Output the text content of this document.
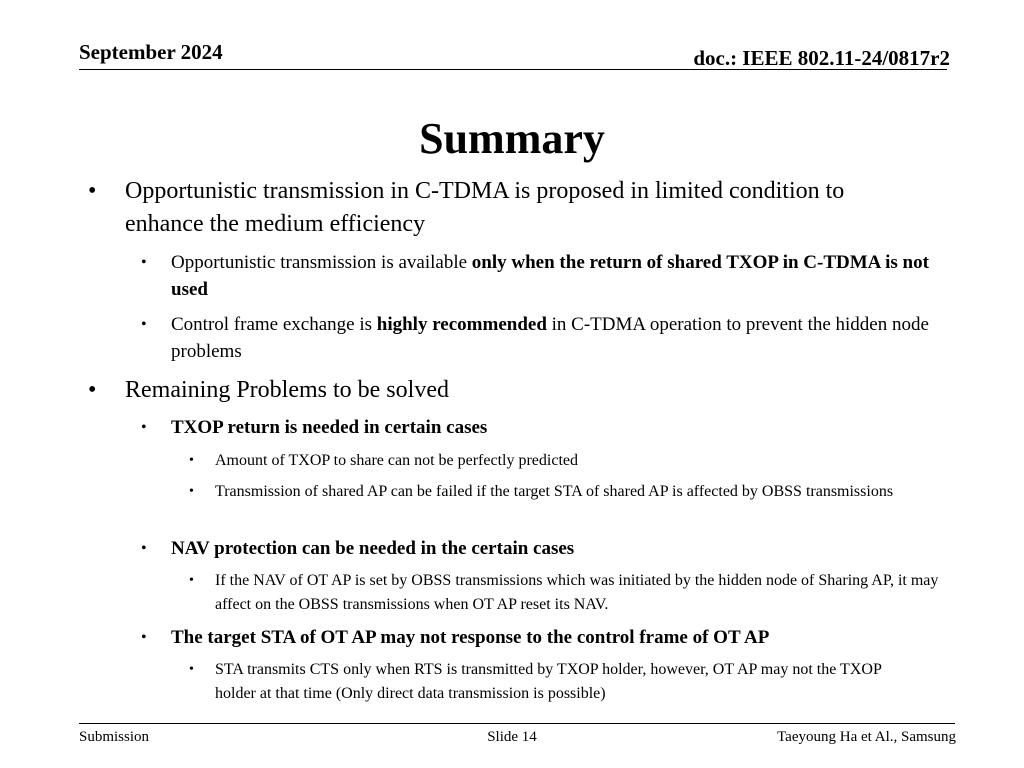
September 2024	doc.: IEEE 802.11-24/0817r2
Summary
• Opportunistic transmission in C-TDMA is proposed in limited condition to enhance the medium efficiency
• Opportunistic transmission is available only when the return of shared TXOP in C-TDMA is not used
• Control frame exchange is highly recommended in C-TDMA operation to prevent the hidden node problems
• Remaining Problems to be solved
• TXOP return is needed in certain cases
• Amount of TXOP to share can not be perfectly predicted
• Transmission of shared AP can be failed if the target STA of shared AP is affected by OBSS transmissions
• NAV protection can be needed in the certain cases
• If the NAV of OT AP is set by OBSS transmissions which was initiated by the hidden node of Sharing AP, it may affect on the OBSS transmissions when OT AP reset its NAV.
• The target STA of OT AP may not response to the control frame of OT AP
• STA transmits CTS only when RTS is transmitted by TXOP holder, however, OT AP may not the TXOP holder at that time (Only direct data transmission is possible)
Submission	Slide 14	Taeyoung Ha et Al., Samsung
